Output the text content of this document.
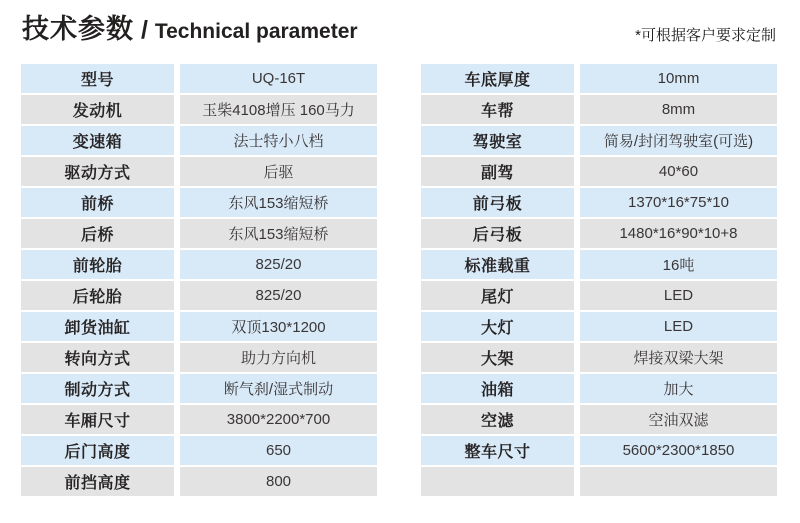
技术参数 / Technical parameter	*可根据客户要求定制
型号	UQ-16T
发动机	玉柴4108增压 160马力
变速箱	法士特小八档
驱动方式	后驱
前桥	东风153缩短桥
后桥	东风153缩短桥
前轮胎	825/20
后轮胎	825/20
卸货油缸	双顶130*1200
转向方式	助力方向机
制动方式	断气刹/湿式制动
车厢尺寸	3800*2200*700
后门高度	650
前挡高度	800
车底厚度	10mm
车帮	8mm
驾驶室	简易/封闭驾驶室(可选)
副驾	40*60
前弓板	1370*16*75*10
后弓板	1480*16*90*10+8
标准载重	16吨
尾灯	LED
大灯	LED
大架	焊接双梁大架
油箱	加大
空滤	空油双滤
整车尺寸	5600*2300*1850
